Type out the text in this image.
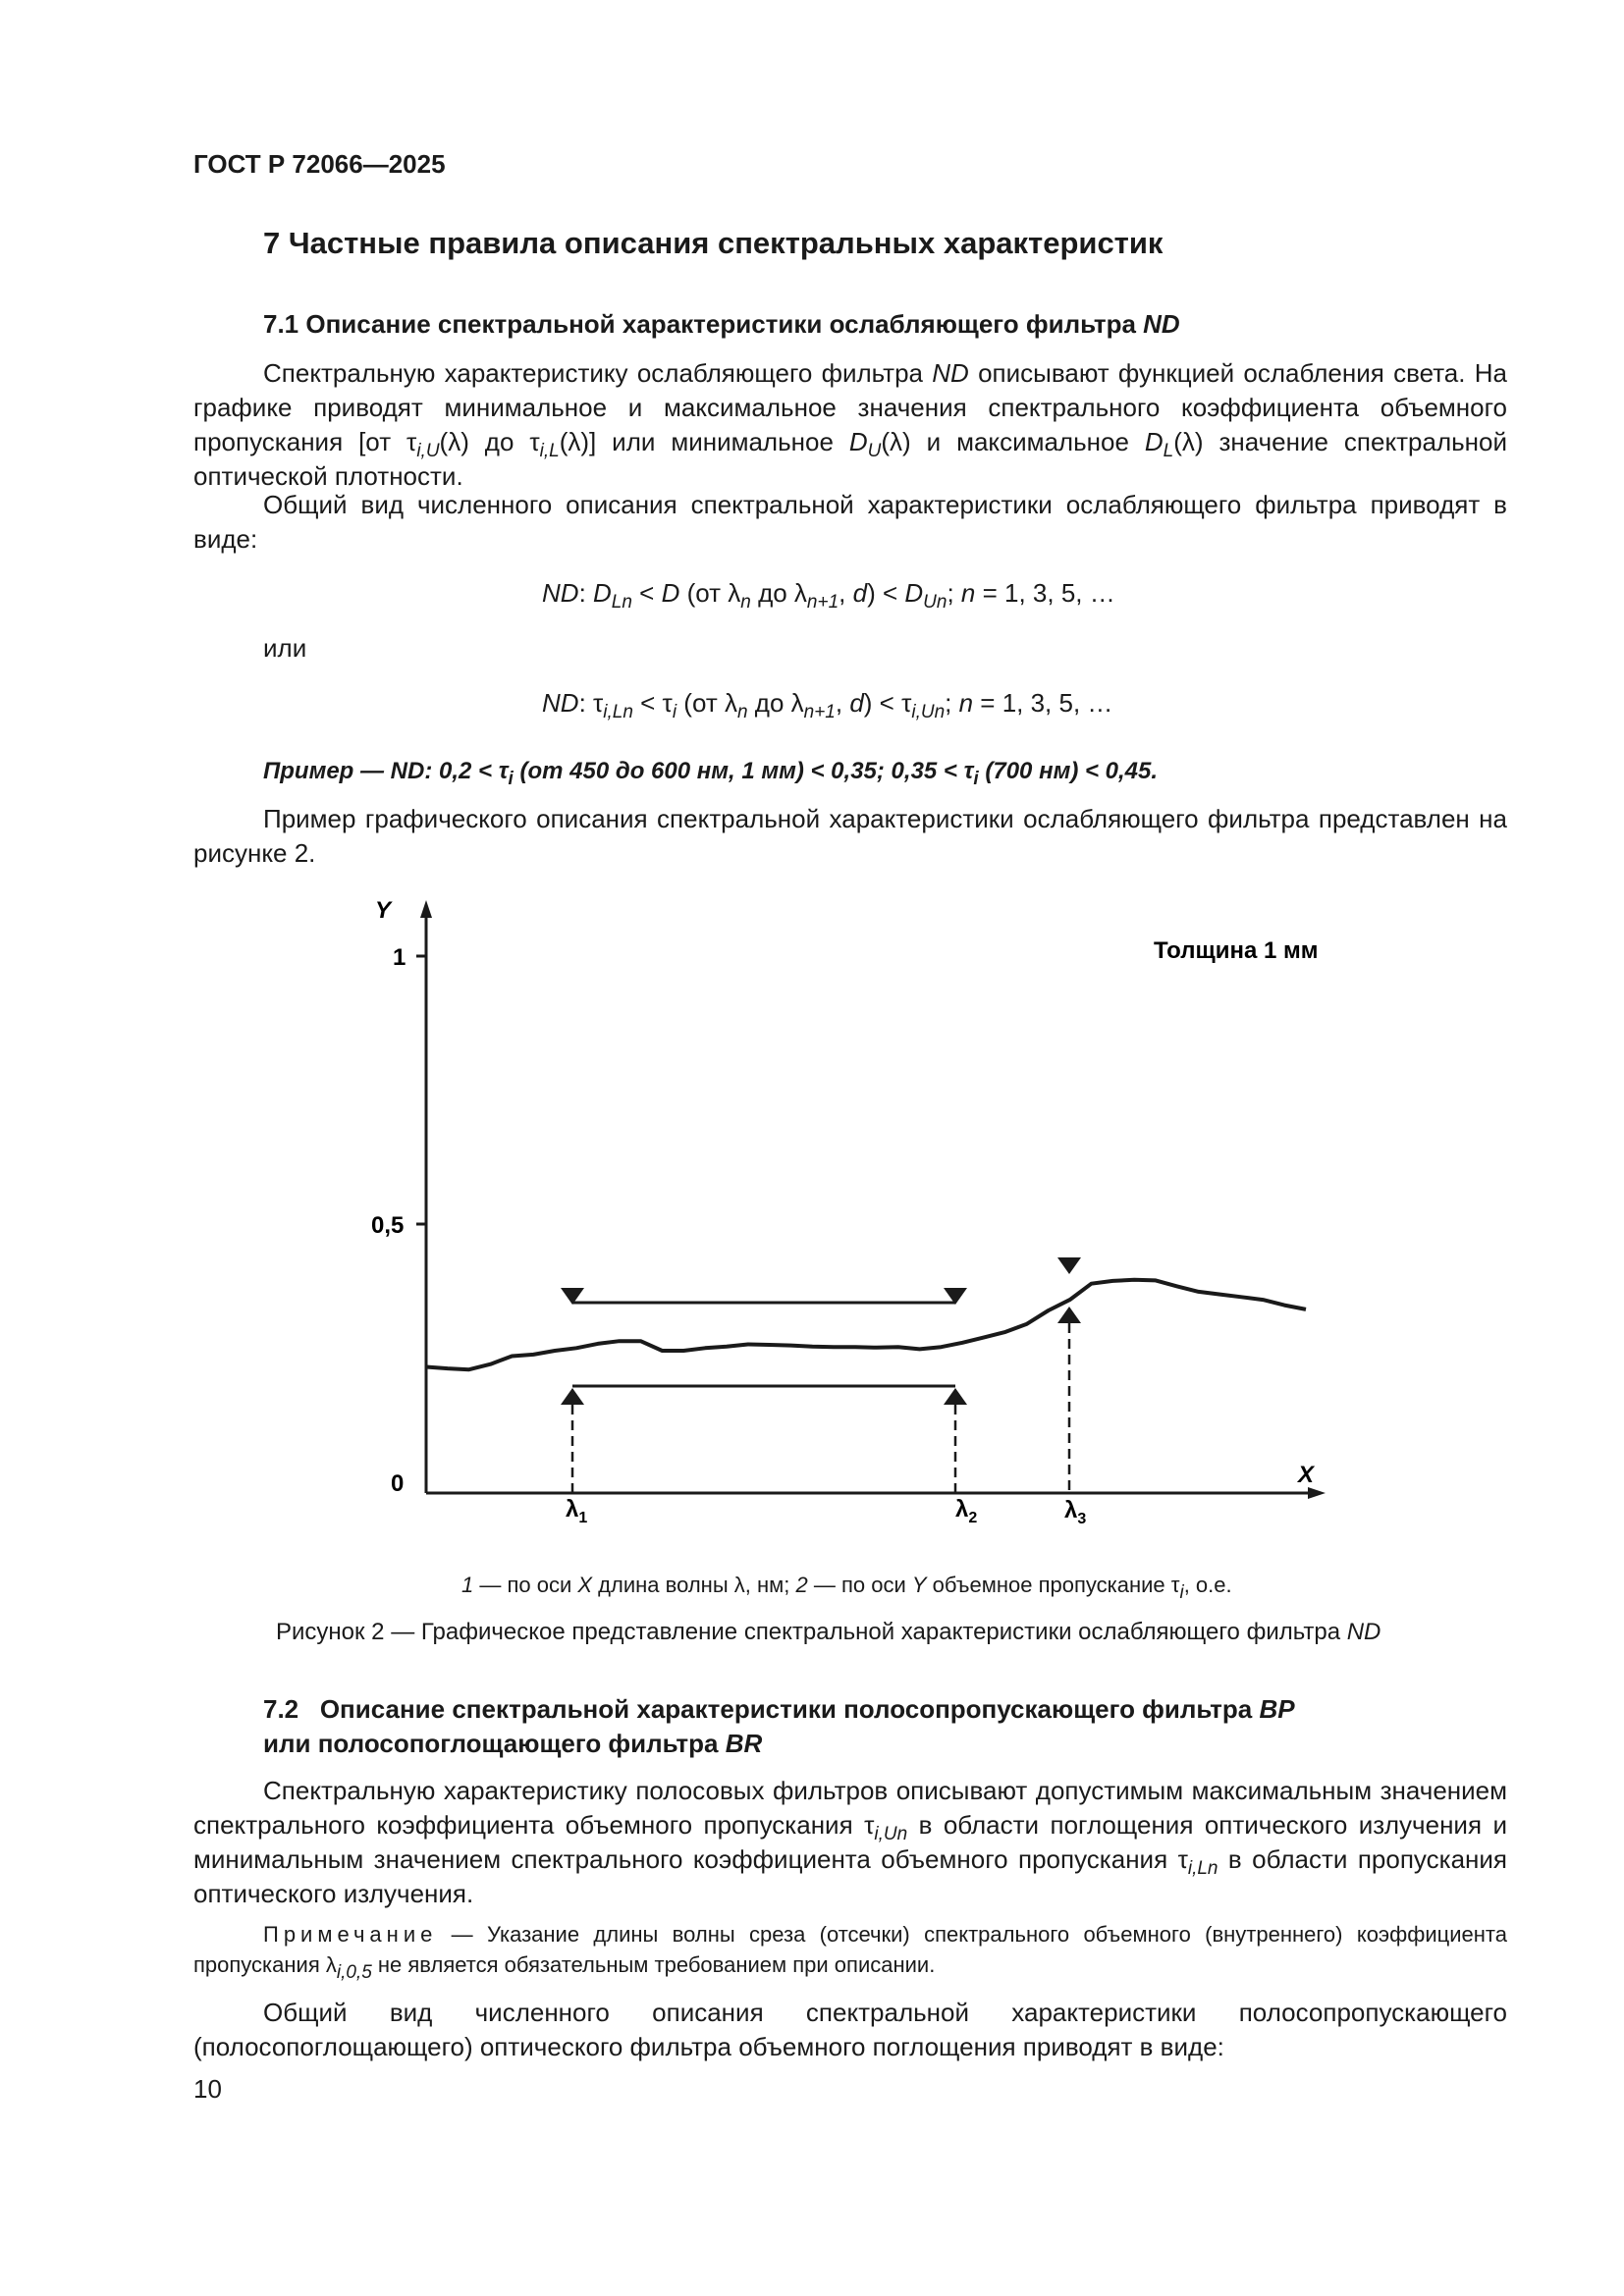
ГОСТ Р 72066—2025
7 Частные правила описания спектральных характеристик
7.1 Описание спектральной характеристики ослабляющего фильтра ND

Спектральную характеристику ослабляющего фильтра ND описывают функцией ослабления света. На графике приводят минимальное и максимальное значения спектрального коэффициента объемного пропускания [от $\tau_{i,U}(\lambda)$ до $\tau_{i,L}(\lambda)$] или минимальное $D_U(\lambda)$ и максимальное $D_L(\lambda)$ значение спектральной оптической плотности.

Общий вид численного описания спектральной характеристики ослабляющего фильтра приводят в виде:

ND: $D_{Ln} < D$ (от $\lambda_n$ до $\lambda_{n+1}$, $d) < D_{Un}$; n = 1, 3, 5, …
или
ND: $\tau_{i,Ln} < \tau_i$ (от $\lambda_n$ до $\lambda_{n+1}$, $d) < \tau_{i,Un}$; n = 1, 3, 5, …
Пример — ND: $0,2 < \tau_i$ (от 450 до 600 нм, 1 мм) < 0,35; $0,35 < \tau_i$ (700 нм) < 0,45.

Пример графического описания спектральной характеристики ослабляющего фильтра представлен на рисунке 2.

Y
1
0,5
0	X
Толщина 1 мм
$\lambda_1$	$\lambda_2$	$\lambda_3$
1 — по оси X длина волны λ, нм; 2 — по оси Y объемное пропускание $\tau_i$, о.е.
Рисунок 2 — Графическое представление спектральной характеристики ослабляющего фильтра ND
7.2 Описание спектральной характеристики полосопропускающего фильтра BP
или полосопоглощающего фильтра BR

Спектральную характеристику полосовых фильтров описывают допустимым максимальным значением спектрального коэффициента объемного пропускания $\tau_{i,Un}$ в области поглощения оптического излучения и минимальным значением спектрального коэффициента объемного пропускания $\tau_{i,Ln}$ в области пропускания оптического излучения.

Примечание — Указание длины волны среза (отсечки) спектрального объемного (внутреннего) коэффициента пропускания $\lambda_{i,0,5}$ не является обязательным требованием при описании.

Общий вид численного описания спектральной характеристики полосопропускающего (полосопоглощающего) оптического фильтра объемного поглощения приводят в виде:

10
